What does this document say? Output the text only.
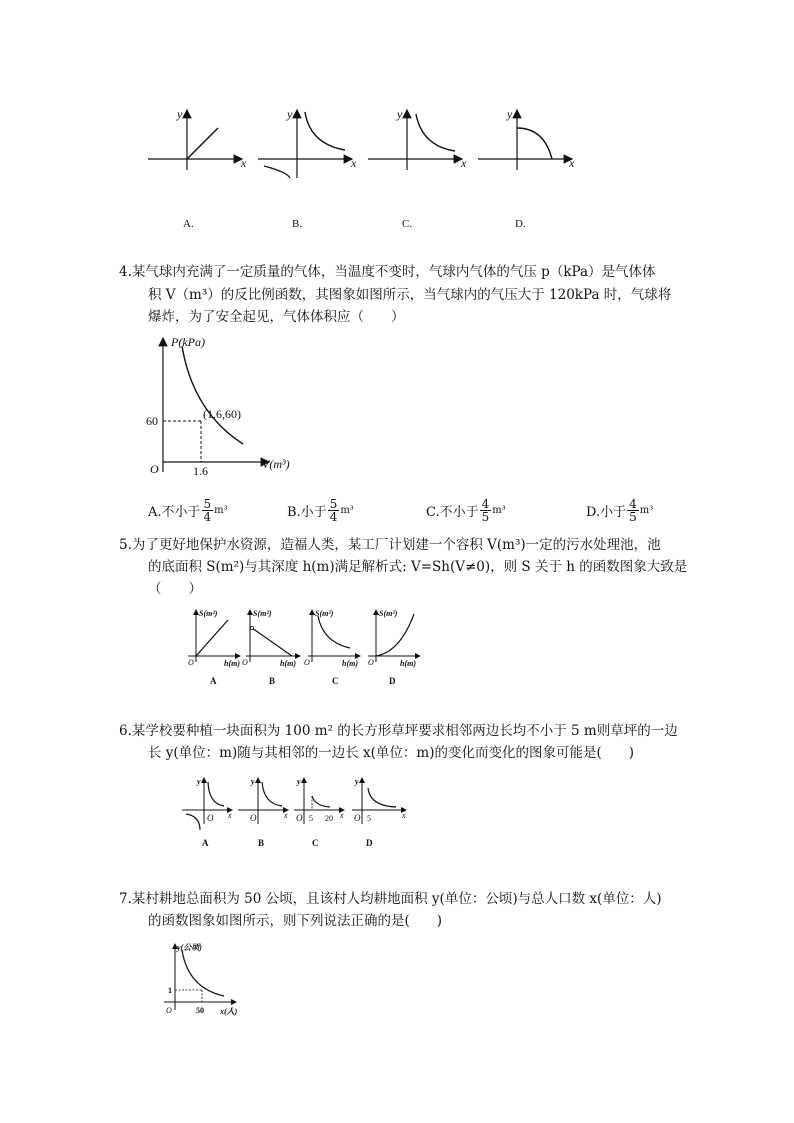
x
y
A.
x
y
B.
x
y
C.
x
y
D.
4.某气球内充满了一定质量的气体，当温度不变时，气球内气体的气压 p（kPa）是气体体
积 V（m³）的反比例函数，其图象如图所示，当气球内的气压大于 120kPa 时，气球将
爆炸，为了安全起见，气体体积应（　　）
P(kPa)
V(m³)
O
60
1.6
(1.6,60)
A.不小于 $\frac{5}{4} m^3$	B.小于 $\frac{5}{4} m^3$	C.不小于 $\frac{4}{5} m^3$	D.小于 $\frac{4}{5} m^3$
5.为了更好地保护水资源，造福人类，某工厂计划建一个容积 V(m³)一定的污水处理池，池
的底面积 S(m²)与其深度 h(m)满足解析式: V=Sh(V≠0)，则 S 关于 h 的函数图象大致是
（　　）
S(m²)
h(m)
O
A
S(m²)
h(m)
O
B
S(m²)
h(m)
O
C
S(m²)
h(m)
O
D
6.某学校要种植一块面积为 100 m² 的长方形草坪要求相邻两边长均不小于 5 m则草坪的一边
长 y(单位：m)随与其相邻的一边长 x(单位：m)的变化而变化的图象可能是(　　)
y
x
O
A
y
x
O
B
y
x
O 5 20
C
y
x
O 5
D
7.某村耕地总面积为 50 公顷，且该村人均耕地面积 y(单位：公顷)与总人口数 x(单位：人)
的函数图象如图所示，则下列说法正确的是(　　)
y(公顷)
x(人)
O
1
50
